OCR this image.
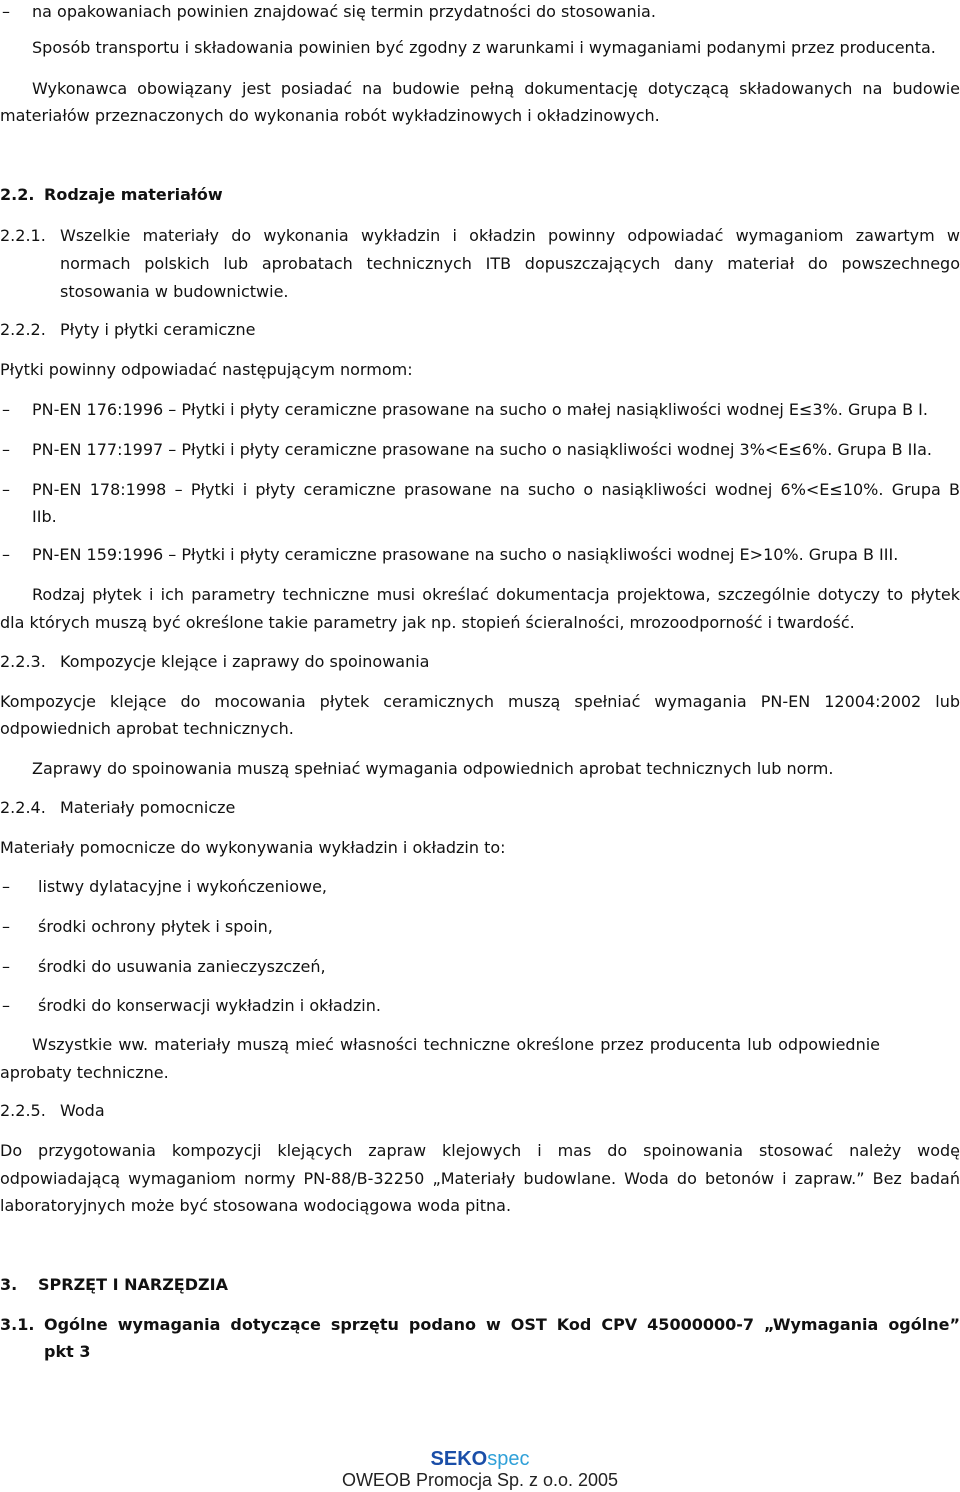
– na opakowaniach powinien znajdować się termin przydatności do stosowania.
Sposób transportu i składowania powinien być zgodny z warunkami i wymaganiami podanymi przez producenta.
Wykonawca obowiązany jest posiadać na budowie pełną dokumentację dotyczącą składowanych na budowie
materiałów przeznaczonych do wykonania robót wykładzinowych i okładzinowych.
2.2. Rodzaje materiałów
2.2.1. Wszelkie materiały do wykonania wykładzin i okładzin powinny odpowiadać wymaganiom zawartym w
normach polskich lub aprobatach technicznych ITB dopuszczających dany materiał do powszechnego
stosowania w budownictwie.
2.2.2. Płyty i płytki ceramiczne
Płytki powinny odpowiadać następującym normom:
– PN-EN 176:1996 – Płytki i płyty ceramiczne prasowane na sucho o małej nasiąkliwości wodnej E≤3%. Grupa B I.
– PN-EN 177:1997 – Płytki i płyty ceramiczne prasowane na sucho o nasiąkliwości wodnej 3%<E≤6%. Grupa B IIa.
– PN-EN 178:1998 – Płytki i płyty ceramiczne prasowane na sucho o nasiąkliwości wodnej 6%<E≤10%. Grupa B
IIb.
– PN-EN 159:1996 – Płytki i płyty ceramiczne prasowane na sucho o nasiąkliwości wodnej E>10%. Grupa B III.
Rodzaj płytek i ich parametry techniczne musi określać dokumentacja projektowa, szczególnie dotyczy to płytek
dla których muszą być określone takie parametry jak np. stopień ścieralności, mrozoodporność i twardość.
2.2.3. Kompozycje klejące i zaprawy do spoinowania
Kompozycje klejące do mocowania płytek ceramicznych muszą spełniać wymagania PN-EN 12004:2002 lub
odpowiednich aprobat technicznych.
Zaprawy do spoinowania muszą spełniać wymagania odpowiednich aprobat technicznych lub norm.
2.2.4. Materiały pomocnicze
Materiały pomocnicze do wykonywania wykładzin i okładzin to:
– listwy dylatacyjne i wykończeniowe,
– środki ochrony płytek i spoin,
– środki do usuwania zanieczyszczeń,
– środki do konserwacji wykładzin i okładzin.
Wszystkie ww. materiały muszą mieć własności techniczne określone przez producenta lub odpowiednie
aprobaty techniczne.
2.2.5. Woda
Do przygotowania kompozycji klejących zapraw klejowych i mas do spoinowania stosować należy wodę
odpowiadającą wymaganiom normy PN-88/B-32250 „Materiały budowlane. Woda do betonów i zapraw.” Bez badań
laboratoryjnych może być stosowana wodociągowa woda pitna.
3. SPRZĘT I NARZĘDZIA
3.1. Ogólne wymagania dotyczące sprzętu podano w OST Kod CPV 45000000-7 „Wymagania ogólne”
pkt 3
SEKOspec
OWEOB Promocja Sp. z o.o. 2005
